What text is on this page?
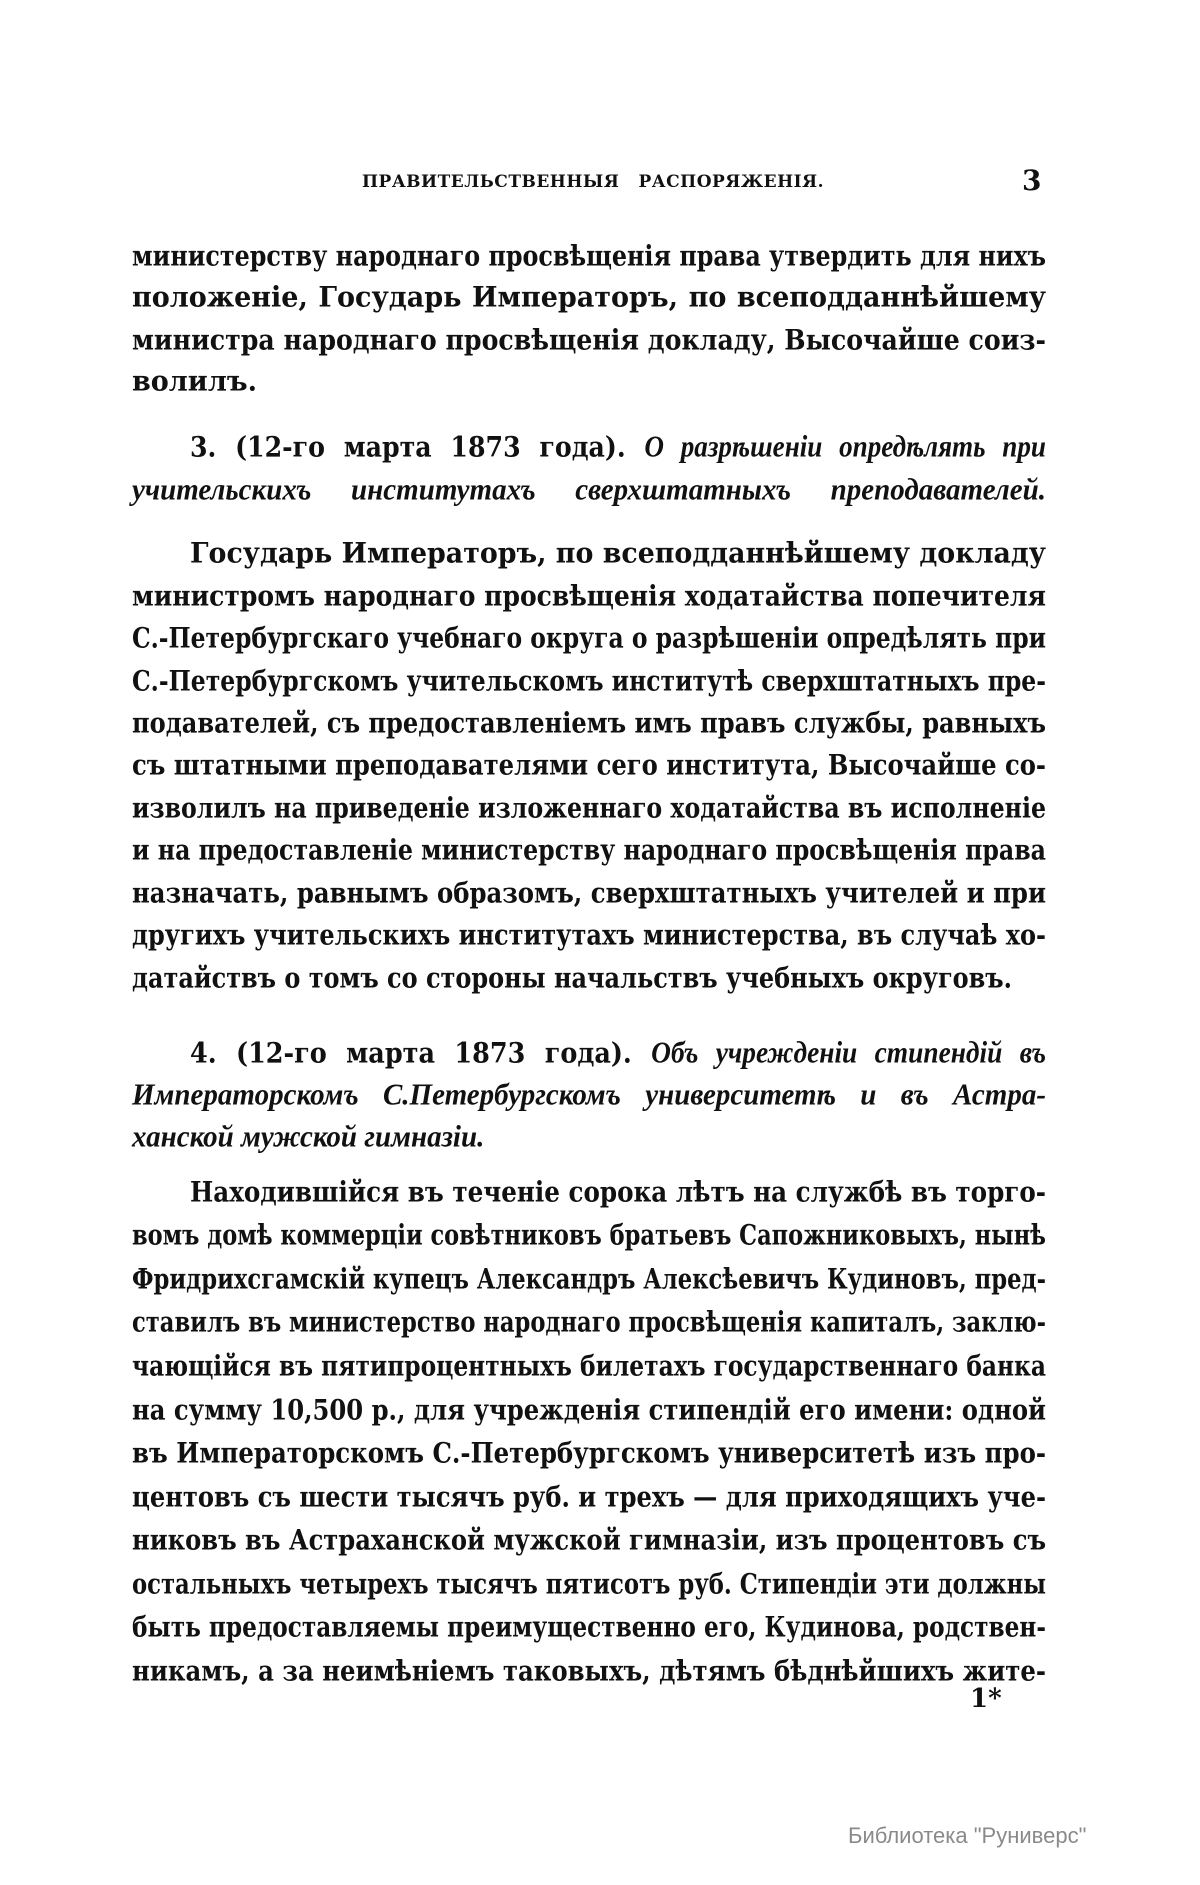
ПРАВИТЕЛЬСТВЕННЫЯ РАСПОРЯЖЕНІЯ.	3
министерству народнаго просвѣщенія права утвердить для нихъ
положеніе, Государь Императоръ, по всеподданнѣйшему
министра народнаго просвѣщенія докладу, Высочайше соиз-
волилъ.
3. (12-го марта 1873 года). О разрѣшеніи опредѣлять при
учительскихъ институтахъ сверхштатныхъ преподавателей.
Государь Императоръ, по всеподданнѣйшему докладу
министромъ народнаго просвѣщенія ходатайства попечителя
С.-Петербургскаго учебнаго округа о разрѣшеніи опредѣлять при
С.-Петербургскомъ учительскомъ институтѣ сверхштатныхъ пре-
подавателей, съ предоставленіемъ имъ правъ службы, равныхъ
съ штатными преподавателями сего института, Высочайше со-
изволилъ на приведеніе изложеннаго ходатайства въ исполненіе
и на предоставленіе министерству народнаго просвѣщенія права
назначать, равнымъ образомъ, сверхштатныхъ учителей и при
другихъ учительскихъ институтахъ министерства, въ случаѣ хо-
датайствъ о томъ со стороны начальствъ учебныхъ округовъ.
4. (12-го марта 1873 года). Объ учрежденіи стипендій въ
Императорскомъ С.Петербургскомъ университетѣ и въ Астра-
ханской мужской гимназіи.
Находившійся въ теченіе сорока лѣтъ на службѣ въ торго-
вомъ домѣ коммерціи совѣтниковъ братьевъ Сапожниковыхъ, нынѣ
Фридрихсгамскій купецъ Александръ Алексѣевичъ Кудиновъ, пред-
ставилъ въ министерство народнаго просвѣщенія капиталъ, заклю-
чающійся въ пятипроцентныхъ билетахъ государственнаго банка
на сумму 10,500 р., для учрежденія стипендій его имени: одной
въ Императорскомъ С.-Петербургскомъ университетѣ изъ про-
центовъ съ шести тысячъ руб. и трехъ — для приходящихъ уче-
никовъ въ Астраханской мужской гимназіи, изъ процентовъ съ
остальныхъ четырехъ тысячъ пятисотъ руб. Стипендіи эти должны
быть предоставляемы преимущественно его, Кудинова, родствен-
никамъ, а за неимѣніемъ таковыхъ, дѣтямъ бѣднѣйшихъ жите-
1*
Библиотека "Руниверс"
